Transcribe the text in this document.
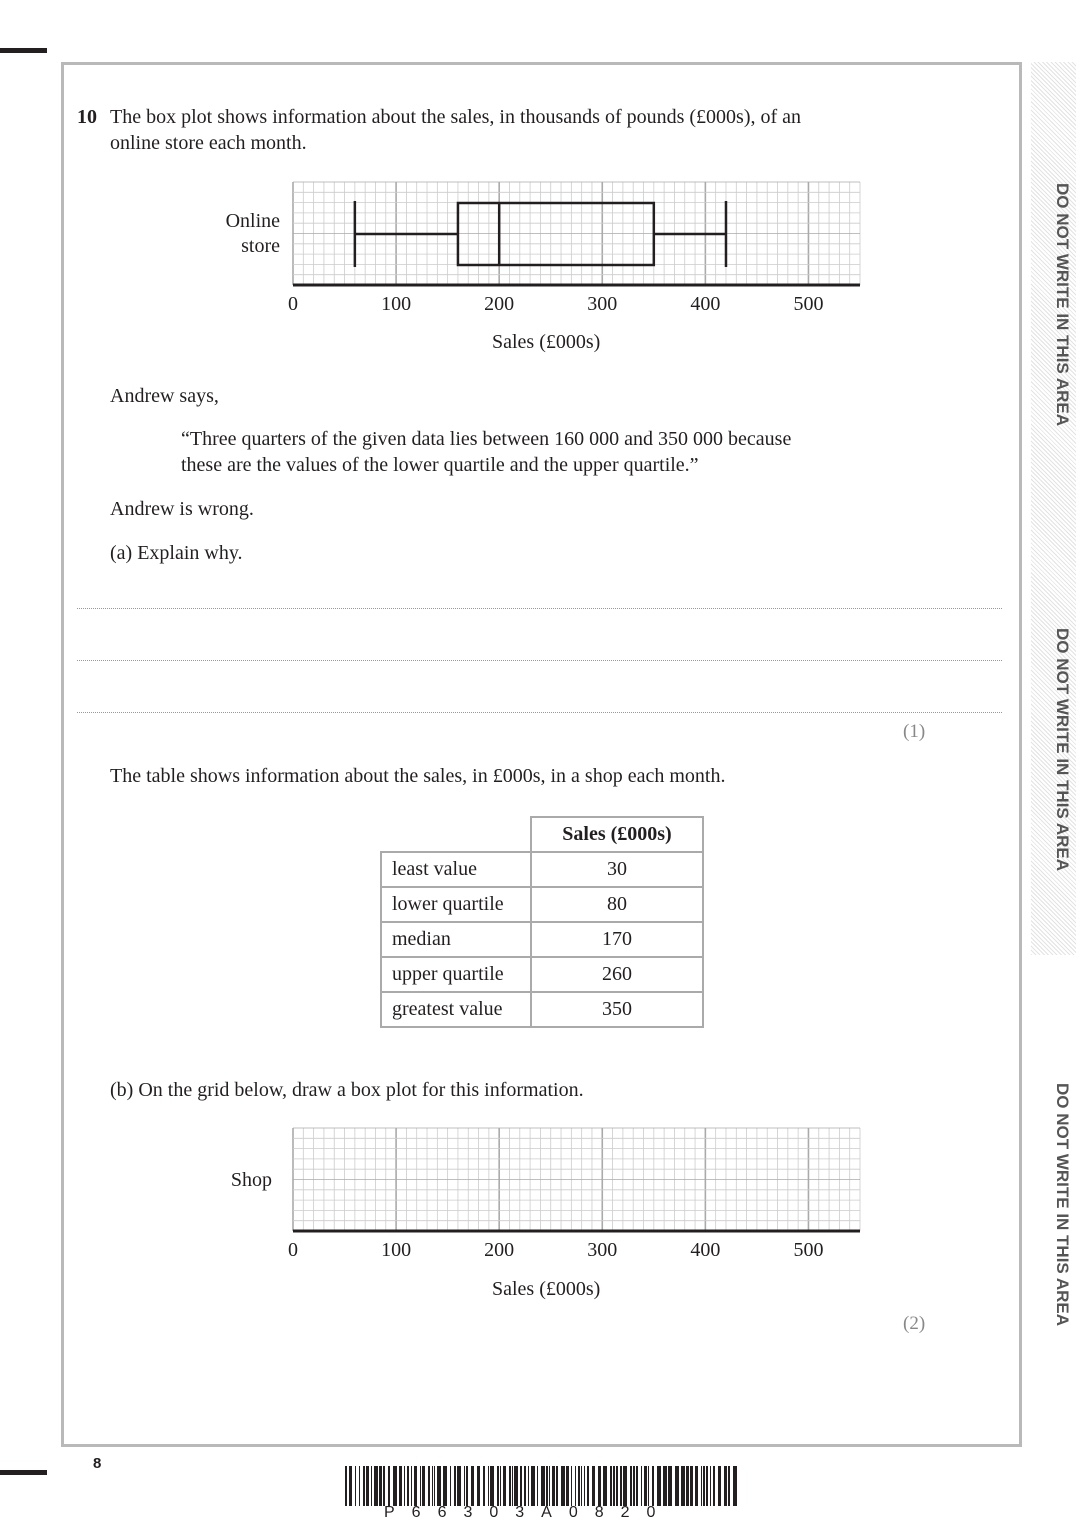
DO NOT WRITE IN THIS AREA
DO NOT WRITE IN THIS AREA
DO NOT WRITE IN THIS AREA
10 The box plot shows information about the sales, in thousands of pounds (£000s), of an
online store each month.
Online
store
0	100	200	300	400	500
Sales (£000s)
Andrew says,
“Three quarters of the given data lies between 160 000 and 350 000 because
these are the values of the lower quartile and the upper quartile.”
Andrew is wrong.
(a) Explain why.
(1)
The table shows information about the sales, in £000s, in a shop each month.
	Sales (£000s)
least value	30
lower quartile	80
median	170
upper quartile	260
greatest value	350
(b) On the grid below, draw a box plot for this information.
Shop
0	100	200	300	400	500
Sales (£000s)
(2)
8
P66303A0820
